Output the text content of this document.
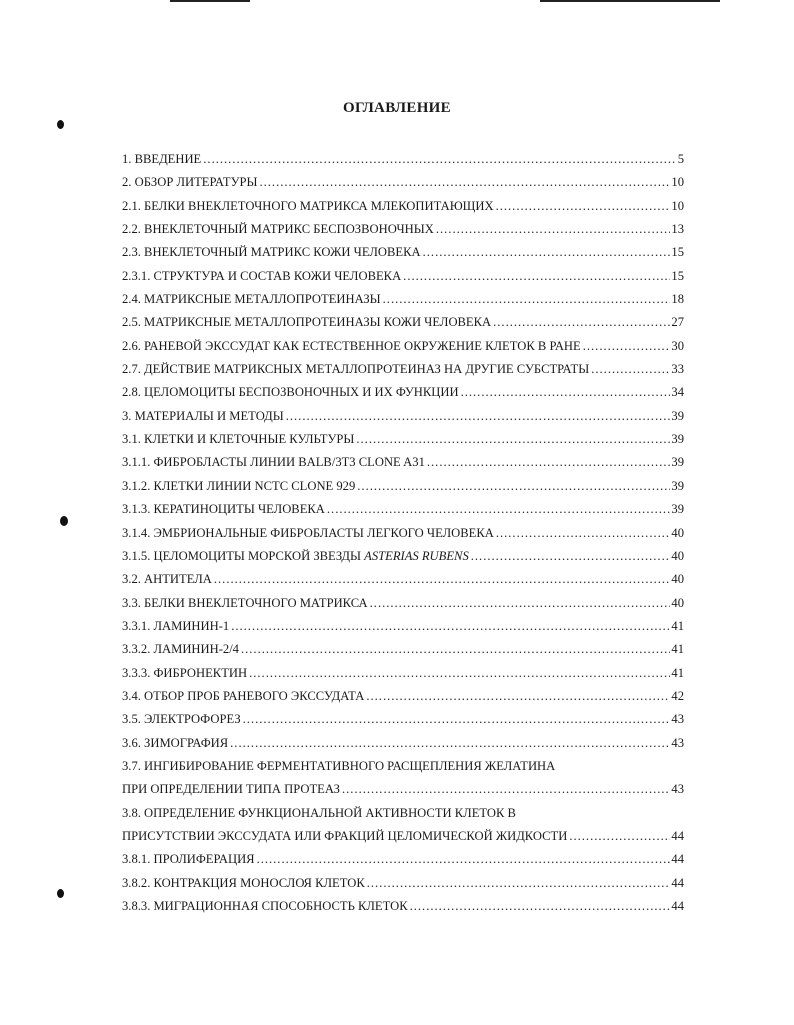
ОГЛАВЛЕНИЕ
1. ВВЕДЕНИЕ .....	5
2. ОБЗОР ЛИТЕРАТУРЫ .....	10
2.1. БЕЛКИ ВНЕКЛЕТОЧНОГО МАТРИКСА МЛЕКОПИТАЮЩИХ .....	10
2.2. ВНЕКЛЕТОЧНЫЙ МАТРИКС БЕСПОЗВОНОЧНЫХ .....	13
2.3. ВНЕКЛЕТОЧНЫЙ МАТРИКС КОЖИ ЧЕЛОВЕКА .....	15
2.3.1. СТРУКТУРА И СОСТАВ КОЖИ ЧЕЛОВЕКА .....	15
2.4. МАТРИКСНЫЕ МЕТАЛЛОПРОТЕИНАЗЫ .....	18
2.5. МАТРИКСНЫЕ МЕТАЛЛОПРОТЕИНАЗЫ КОЖИ ЧЕЛОВЕКА .....	27
2.6. РАНЕВОЙ ЭКССУДАТ КАК ЕСТЕСТВЕННОЕ ОКРУЖЕНИЕ КЛЕТОК В РАНЕ .....	30
2.7. ДЕЙСТВИЕ МАТРИКСНЫХ МЕТАЛЛОПРОТЕИНАЗ НА ДРУГИЕ СУБСТРАТЫ .....	33
2.8. ЦЕЛОМОЦИТЫ БЕСПОЗВОНОЧНЫХ И ИХ ФУНКЦИИ .....	34
3. МАТЕРИАЛЫ И МЕТОДЫ .....	39
3.1. КЛЕТКИ И КЛЕТОЧНЫЕ КУЛЬТУРЫ .....	39
3.1.1. ФИБРОБЛАСТЫ ЛИНИИ BALB/3T3 CLONE A31 .....	39
3.1.2. КЛЕТКИ ЛИНИИ NCTC CLONE 929 .....	39
3.1.3. КЕРАТИНОЦИТЫ ЧЕЛОВЕКА .....	39
3.1.4. ЭМБРИОНАЛЬНЫЕ ФИБРОБЛАСТЫ ЛЕГКОГО ЧЕЛОВЕКА .....	40
3.1.5. ЦЕЛОМОЦИТЫ МОРСКОЙ ЗВЕЗДЫ ASTERIAS RUBENS .....	40
3.2. АНТИТЕЛА .....	40
3.3. БЕЛКИ ВНЕКЛЕТОЧНОГО МАТРИКСА .....	40
3.3.1. ЛАМИНИН-1 .....	41
3.3.2. ЛАМИНИН-2/4 .....	41
3.3.3. ФИБРОНЕКТИН .....	41
3.4. ОТБОР ПРОБ РАНЕВОГО ЭКССУДАТА .....	42
3.5. ЭЛЕКТРОФОРЕЗ .....	43
3.6. ЗИМОГРАФИЯ .....	43
3.7. ИНГИБИРОВАНИЕ ФЕРМЕНТАТИВНОГО РАСЩЕПЛЕНИЯ ЖЕЛАТИНА
ПРИ ОПРЕДЕЛЕНИИ ТИПА ПРОТЕАЗ .....	43
3.8. ОПРЕДЕЛЕНИЕ ФУНКЦИОНАЛЬНОЙ АКТИВНОСТИ КЛЕТОК В
ПРИСУТСТВИИ ЭКССУДАТА ИЛИ ФРАКЦИЙ ЦЕЛОМИЧЕСКОЙ ЖИДКОСТИ .....	44
3.8.1. ПРОЛИФЕРАЦИЯ .....	44
3.8.2. КОНТРАКЦИЯ МОНОСЛОЯ КЛЕТОК .....	44
3.8.3. МИГРАЦИОННАЯ СПОСОБНОСТЬ КЛЕТОК .....	44
